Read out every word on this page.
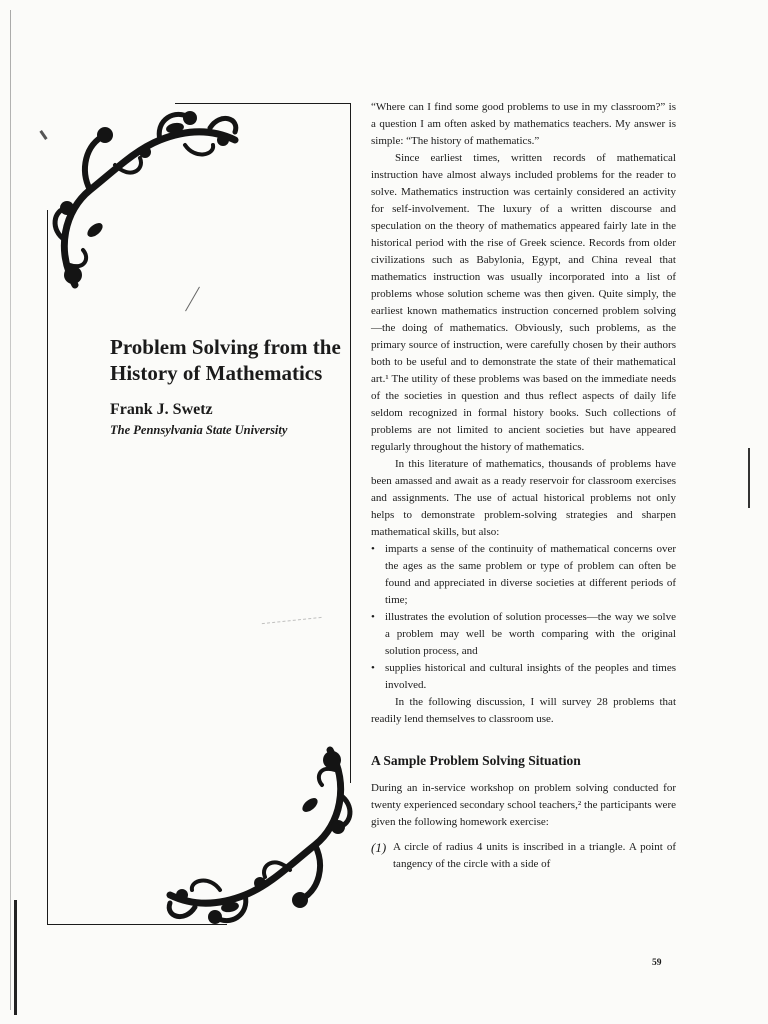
Problem Solving from the History of Mathematics

Frank J. Swetz

The Pennsylvania State University

“Where can I find some good problems to use in my classroom?” is a question I am often asked by mathematics teachers. My answer is simple: “The history of mathematics.”

Since earliest times, written records of mathematical instruction have almost always included problems for the reader to solve. Mathematics instruction was certainly considered an activity for self-involvement. The luxury of a written discourse and speculation on the theory of mathematics appeared fairly late in the historical period with the rise of Greek science. Records from older civilizations such as Babylonia, Egypt, and China reveal that mathematics instruction was usually incorporated into a list of problems whose solution scheme was then given. Quite simply, the earliest known mathematics instruction concerned problem solving—the doing of mathematics. Obviously, such problems, as the primary source of instruction, were carefully chosen by their authors both to be useful and to demonstrate the state of their mathematical art.¹ The utility of these problems was based on the immediate needs of the societies in question and thus reflect aspects of daily life seldom recognized in formal history books. Such collections of problems are not limited to ancient societies but have appeared regularly throughout the history of mathematics.

In this literature of mathematics, thousands of problems have been amassed and await as a ready reservoir for classroom exercises and assignments. The use of actual historical problems not only helps to demonstrate problem-solving strategies and sharpen mathematical skills, but also:

• imparts a sense of the continuity of mathematical concerns over the ages as the same problem or type of problem can often be found and appreciated in diverse societies at different periods of time;
• illustrates the evolution of solution processes—the way we solve a problem may well be worth comparing with the original solution process, and
• supplies historical and cultural insights of the peoples and times involved.

In the following discussion, I will survey 28 problems that readily lend themselves to classroom use.

A Sample Problem Solving Situation

During an in-service workshop on problem solving conducted for twenty experienced secondary school teachers,² the participants were given the following homework exercise:

(1) A circle of radius 4 units is inscribed in a triangle. A point of tangency of the circle with a side of

59
